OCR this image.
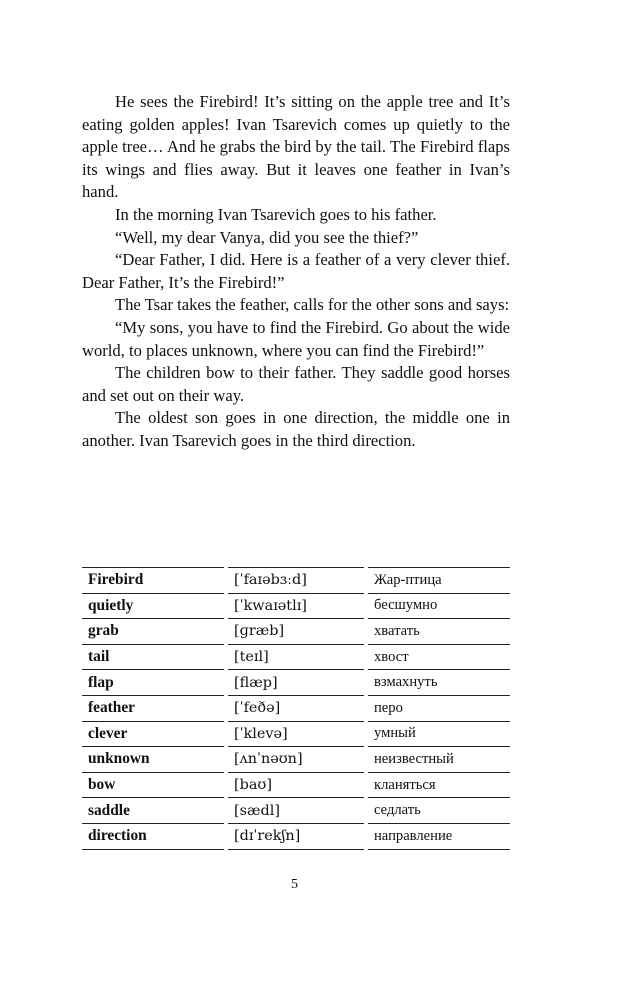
He sees the Firebird! It’s sitting on the apple tree and It’s eating golden apples! Ivan Tsarevich comes up quietly to the apple tree… And he grabs the bird by the tail. The Firebird flaps its wings and flies away. But it leaves one feather in Ivan’s hand.

In the morning Ivan Tsarevich goes to his father.

“Well, my dear Vanya, did you see the thief?”

“Dear Father, I did. Here is a feather of a very clever thief. Dear Father, It’s the Firebird!”

The Tsar takes the feather, calls for the other sons and says:

“My sons, you have to find the Firebird. Go about the wide world, to places unknown, where you can find the Firebird!”

The children bow to their father. They saddle good horses and set out on their way.

The oldest son goes in one direction, the middle one in another. Ivan Tsarevich goes in the third direction.

Firebird	[ˈfaɪəbɜːd]	Жар-птица
quietly	[ˈkwaɪətlɪ]	бесшумно
grab	[ɡræb]	хватать
tail	[teɪl]	хвост
flap	[flæp]	взмахнуть
feather	[ˈfeðə]	перо
clever	[ˈklevə]	умный
unknown	[ʌnˈnəʊn]	неизвестный
bow	[baʊ]	кланяться
saddle	[sædl]	седлать
direction	[dɪˈrekʃn]	направление
5
